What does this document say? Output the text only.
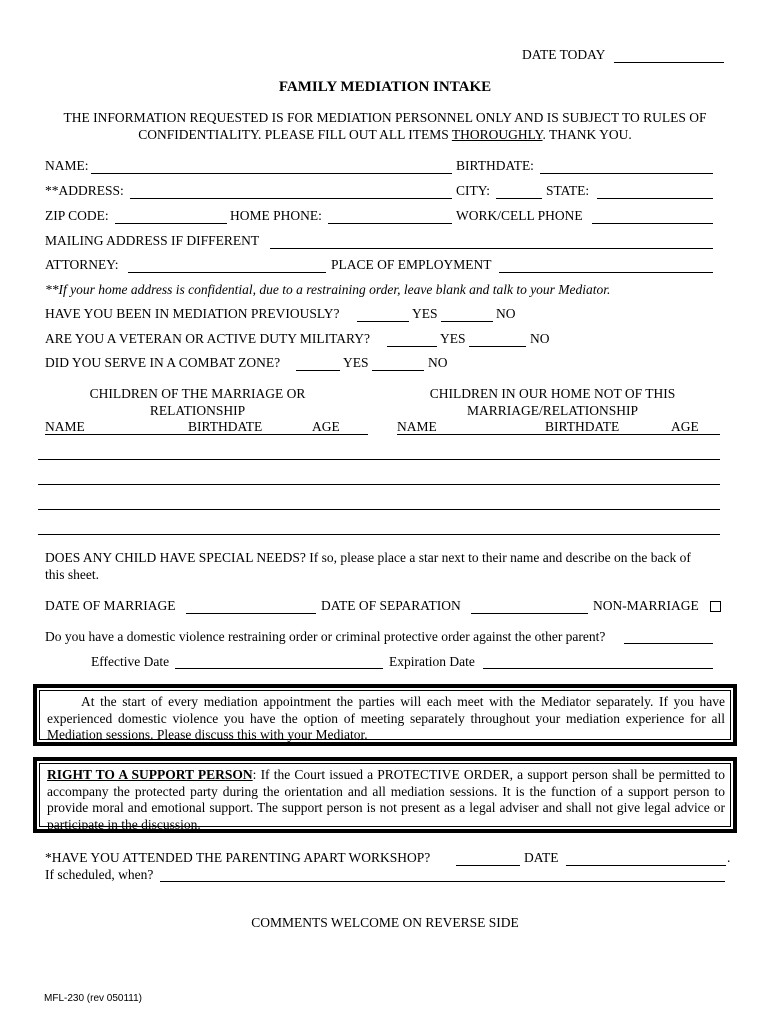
DATE TODAY
FAMILY MEDIATION INTAKE
THE INFORMATION REQUESTED IS FOR MEDIATION PERSONNEL ONLY AND IS SUBJECT TO RULES OF
CONFIDENTIALITY. PLEASE FILL OUT ALL ITEMS THOROUGHLY. THANK YOU.
NAME:	BIRTHDATE:
**ADDRESS:	CITY:	STATE:
ZIP CODE:	HOME PHONE:	WORK/CELL PHONE
MAILING ADDRESS IF DIFFERENT
ATTORNEY:	PLACE OF EMPLOYMENT
**If your home address is confidential, due to a restraining order, leave blank and talk to your Mediator.
HAVE YOU BEEN IN MEDIATION PREVIOUSLY?	YES	NO
ARE YOU A VETERAN OR ACTIVE DUTY MILITARY?	YES	NO
DID YOU SERVE IN A COMBAT ZONE?	YES	NO
CHILDREN OF THE MARRIAGE OR
RELATIONSHIP
CHILDREN IN OUR HOME NOT OF THIS
MARRIAGE/RELATIONSHIP
NAME	BIRTHDATE	AGE	NAME	BIRTHDATE	AGE
DOES ANY CHILD HAVE SPECIAL NEEDS? If so, please place a star next to their name and describe on the back of
this sheet.
DATE OF MARRIAGE	DATE OF SEPARATION	NON-MARRIAGE
Do you have a domestic violence restraining order or criminal protective order against the other parent?
Effective Date	Expiration Date
At the start of every mediation appointment the parties will each meet with the Mediator separately. If you have experienced domestic violence you have the option of meeting separately throughout your mediation experience for all Mediation sessions. Please discuss this with your Mediator.
RIGHT TO A SUPPORT PERSON: If the Court issued a PROTECTIVE ORDER, a support person shall be permitted to accompany the protected party during the orientation and all mediation sessions. It is the function of a support person to provide moral and emotional support. The support person is not present as a legal adviser and shall not give legal advice or participate in the discussion.
*HAVE YOU ATTENDED THE PARENTING APART WORKSHOP?	DATE	.
If scheduled, when?
COMMENTS WELCOME ON REVERSE SIDE
MFL-230 (rev 050111)
